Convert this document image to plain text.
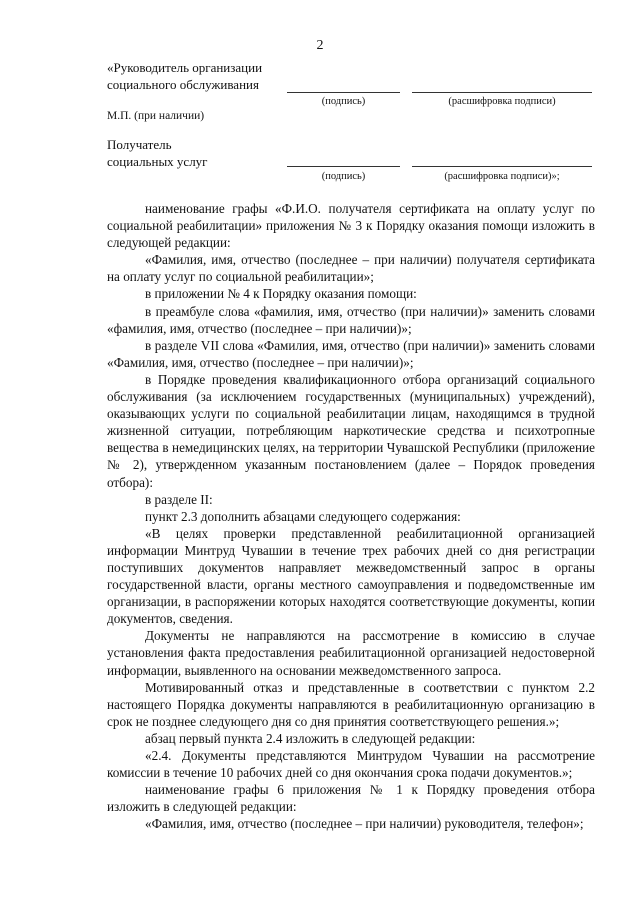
2
«Руководитель организации
социального обслуживания
(подпись)	(расшифровка подписи)
М.П. (при наличии)
Получатель
социальных услуг
(подпись)	(расшифровка подписи)»;

наименование графы «Ф.И.О. получателя сертификата на оплату услуг по социальной реабилитации» приложения № 3 к Порядку оказания помощи изложить в следующей редакции:

«Фамилия, имя, отчество (последнее – при наличии) получателя сертификата на оплату услуг по социальной реабилитации»;

в приложении № 4 к Порядку оказания помощи:

в преамбуле слова «фамилия, имя, отчество (при наличии)» заменить словами «фамилия, имя, отчество (последнее – при наличии)»;

в разделе VII слова «Фамилия, имя, отчество (при наличии)» заменить словами «Фамилия, имя, отчество (последнее – при наличии)»;

в Порядке проведения квалификационного отбора организаций социального обслуживания (за исключением государственных (муниципальных) учреждений), оказывающих услуги по социальной реабилитации лицам, находящимся в трудной жизненной ситуации, потребляющим наркотические средства и психотропные вещества в немедицинских целях, на территории Чувашской Республики (приложение № 2), утвержденном указанным постановлением (далее – Порядок проведения отбора):

в разделе II:

пункт 2.3 дополнить абзацами следующего содержания:

«В целях проверки представленной реабилитационной организацией информации Минтруд Чувашии в течение трех рабочих дней со дня регистрации поступивших документов направляет межведомственный запрос в органы государственной власти, органы местного самоуправления и подведомственные им организации, в распоряжении которых находятся соответствующие документы, копии документов, сведения.

Документы не направляются на рассмотрение в комиссию в случае установления факта предоставления реабилитационной организацией недостоверной информации, выявленного на основании межведомственного запроса.

Мотивированный отказ и представленные в соответствии с пунктом 2.2 настоящего Порядка документы направляются в реабилитационную организацию в срок не позднее следующего дня со дня принятия соответствующего решения.»;

абзац первый пункта 2.4 изложить в следующей редакции:

«2.4. Документы представляются Минтрудом Чувашии на рассмотрение комиссии в течение 10 рабочих дней со дня окончания срока подачи документов.»;

наименование графы 6 приложения № 1 к Порядку проведения отбора изложить в следующей редакции:

«Фамилия, имя, отчество (последнее – при наличии) руководителя, телефон»;
